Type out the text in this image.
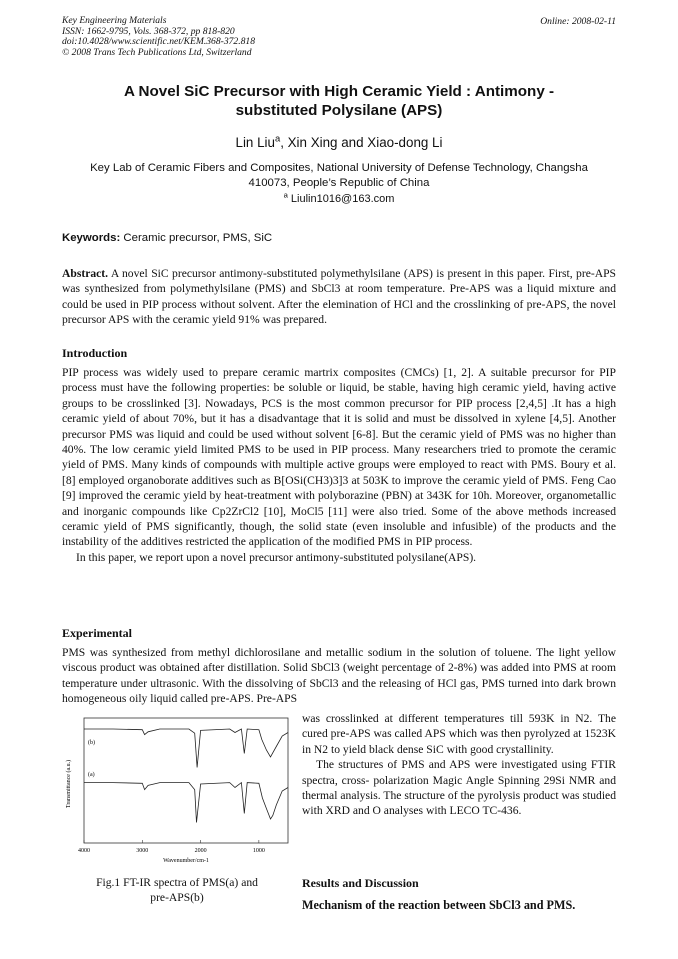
Key Engineering Materials
ISSN: 1662-9795, Vols. 368-372, pp 818-820
doi:10.4028/www.scientific.net/KEM.368-372.818
© 2008 Trans Tech Publications Ltd, Switzerland
Online: 2008-02-11
A Novel SiC Precursor with High Ceramic Yield : Antimony -
substituted Polysilane (APS)
Lin Liu$^a$, Xin Xing and Xiao-dong Li
Key Lab of Ceramic Fibers and Composites, National University of Defense Technology, Changsha
410073, People’s Republic of China
$^a$ Liulin1016@163.com
Keywords: Ceramic precursor, PMS, SiC

Abstract. A novel SiC precursor antimony-substituted polymethylsilane (APS) is present in this paper. First, pre-APS was synthesized from polymethylsilane (PMS) and SbCl3 at room temperature. Pre-APS was a liquid mixture and could be used in PIP process without solvent. After the elemination of HCl and the crosslinking of pre-APS, the novel precursor APS with the ceramic yield 91% was prepared.

Introduction

PIP process was widely used to prepare ceramic martrix composites (CMCs) [1, 2]. A suitable precursor for PIP process must have the following properties: be soluble or liquid, be stable, having high ceramic yield, having active groups to be crosslinked [3]. Nowadays, PCS is the most common precursor for PIP process [2,4,5] .It has a high ceramic yield of about 70%, but it has a disadvantage that it is solid and must be dissolved in xylene [4,5]. Another precursor PMS was liquid and could be used without solvent [6-8]. But the ceramic yield of PMS was no higher than 40%. The low ceramic yield limited PMS to be used in PIP process. Many researchers tried to promote the ceramic yield of PMS. Many kinds of compounds with multiple active groups were employed to react with PMS. Boury et al. [8] employed organoborate additives such as B[OSi(CH3)3]3 at 503K to improve the ceramic yield of PMS. Feng Cao [9] improved the ceramic yield by heat-treatment with polyborazine (PBN) at 343K for 10h. Moreover, organometallic and inorganic compounds like Cp2ZrCl2 [10], MoCl5 [11] were also tried. Some of the above methods increased ceramic yield of PMS significantly, though, the solid state (even insoluble and infusible) of the products and the instability of the additives restricted the application of the modified PMS in PIP process.

In this paper, we report upon a novel precursor antimony-substituted polysilane(APS).

Experimental

PMS was synthesized from methyl dichlorosilane and metallic sodium in the solution of toluene. The light yellow viscous product was obtained after distillation. Solid SbCl3 (weight percentage of 2-8%) was added into PMS at room temperature under ultrasonic. With the dissolving of SbCl3 and the releasing of HCl gas, PMS turned into dark brown homogeneous oily liquid called pre-APS. Pre-APS

Transmittance (a.u.)
Wavenumber/cm-1
4000	3000	2000	1000
(b)
(a)
Fig.1 FT-IR spectra of PMS(a) and
pre-APS(b)

was crosslinked at different temperatures till 593K in N2. The cured pre-APS was called APS which was then pyrolyzed at 1523K in N2 to yield black dense SiC with good crystallinity.

The structures of PMS and APS were investigated using FTIR spectra, cross- polarization Magic Angle Spinning 29Si NMR and thermal analysis. The structure of the pyrolysis product was studied with XRD and O analyses with LECO TC-436.

Results and Discussion
Mechanism of the reaction between SbCl3 and PMS.
